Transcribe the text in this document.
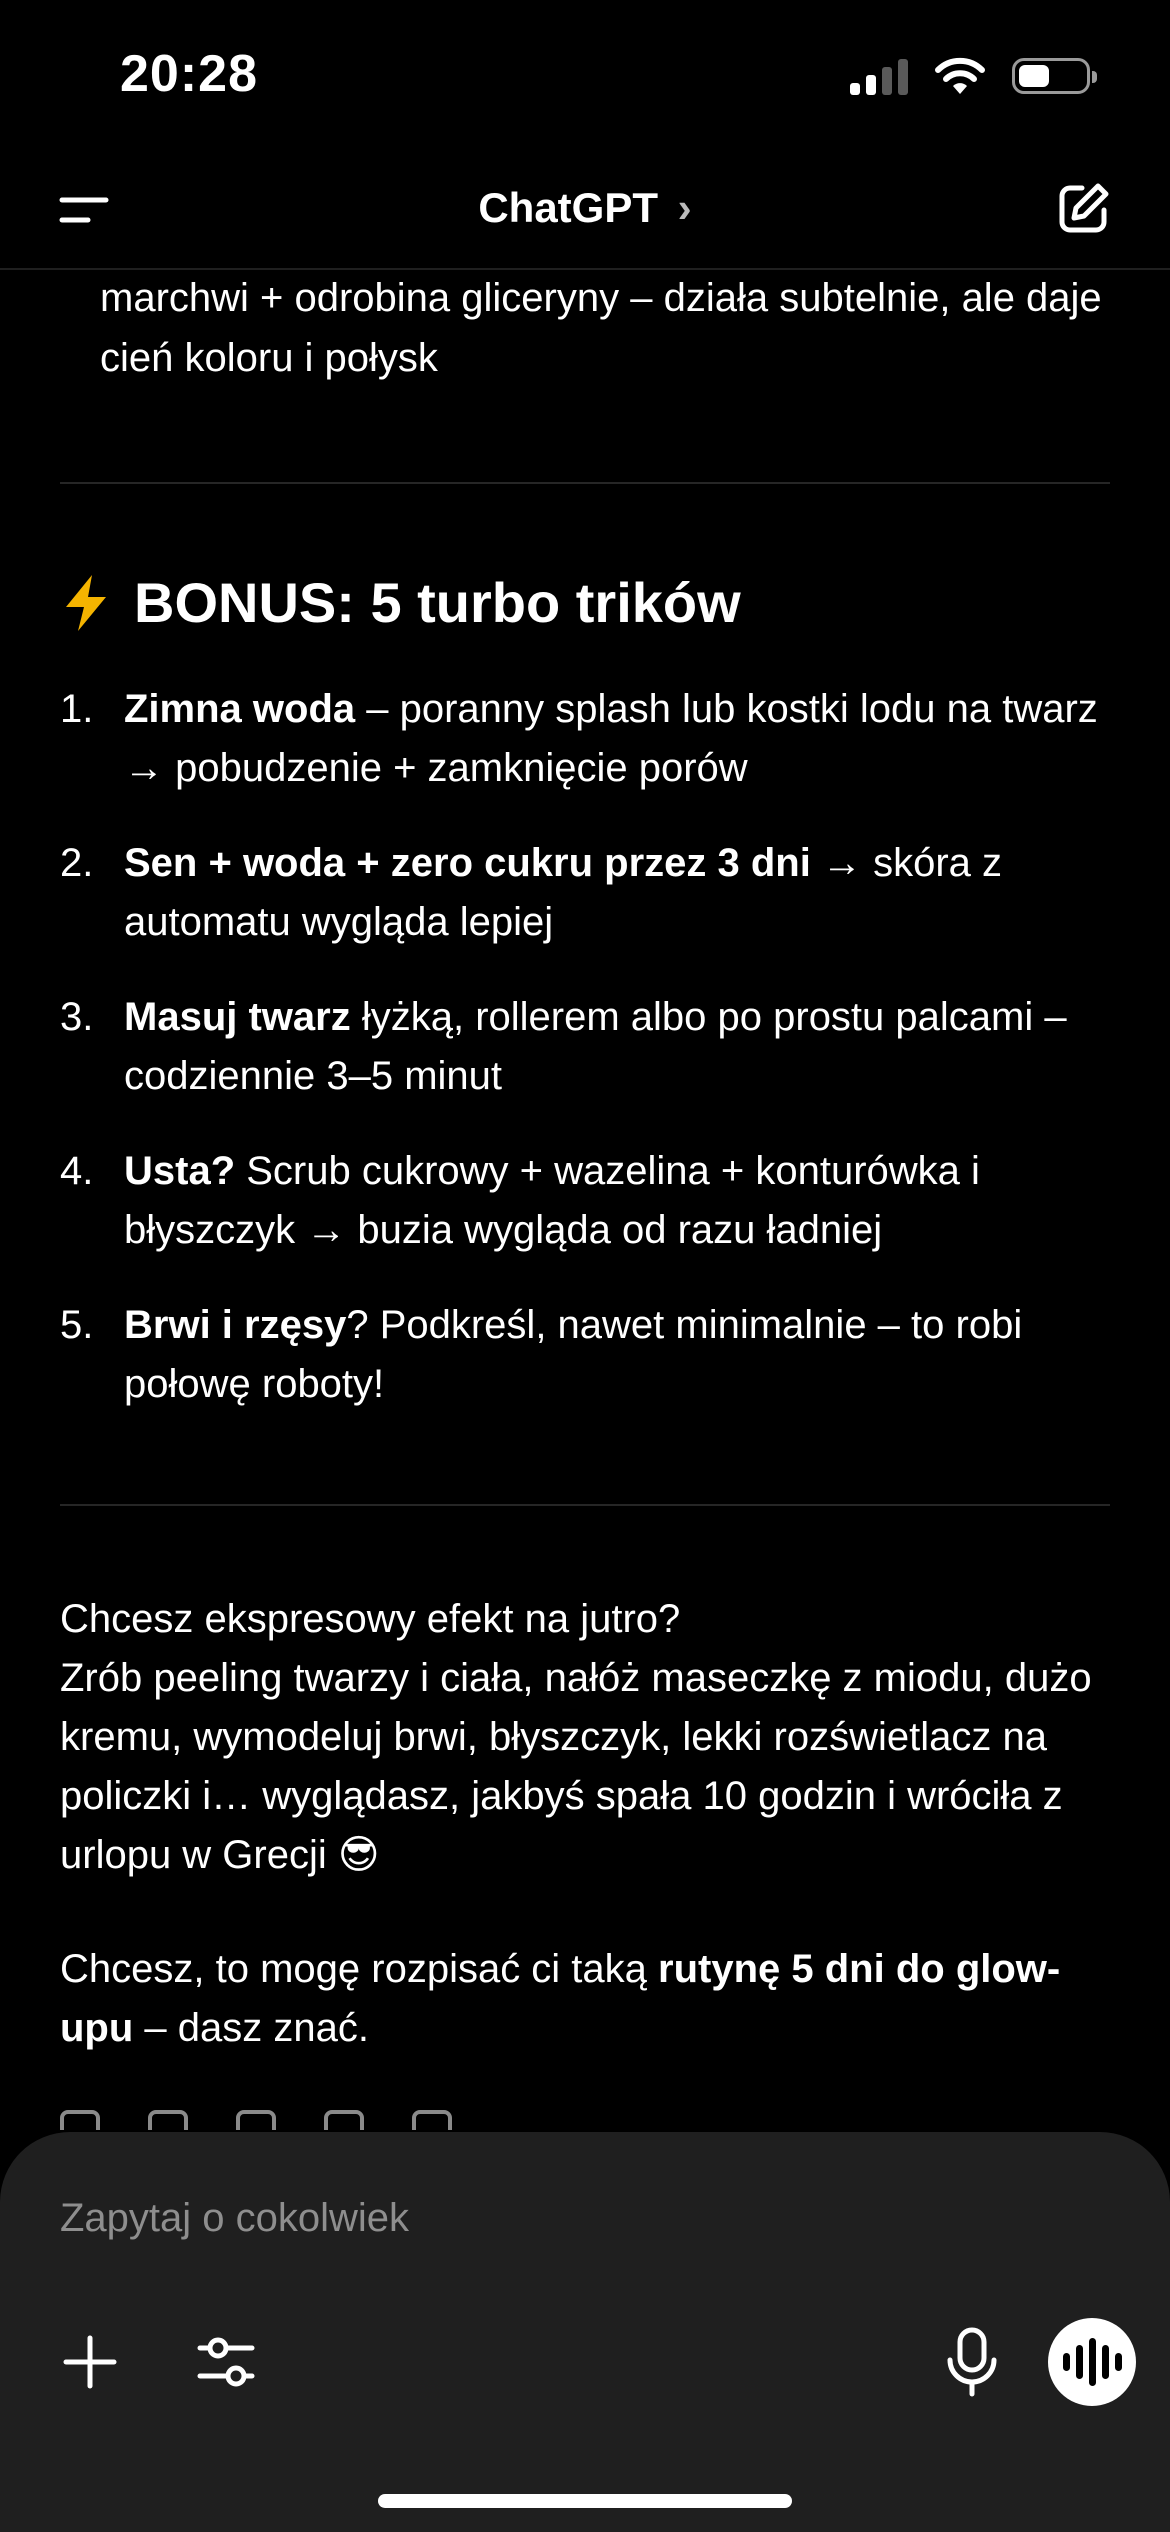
20:28
ChatGPT ›
marchwi + odrobina gliceryny – działa subtelnie, ale daje cień koloru i połysk
BONUS: 5 turbo trików
1. Zimna woda – poranny splash lub kostki lodu na twarz → pobudzenie + zamknięcie porów
2. Sen + woda + zero cukru przez 3 dni → skóra z automatu wygląda lepiej
3. Masuj twarz łyżką, rollerem albo po prostu palcami – codziennie 3–5 minut
4. Usta? Scrub cukrowy + wazelina + konturówka i błyszczyk → buzia wygląda od razu ładniej
5. Brwi i rzęsy? Podkreśl, nawet minimalnie – to robi połowę roboty!
Chcesz ekspresowy efekt na jutro?
Zrób peeling twarzy i ciała, nałóż maseczkę z miodu, dużo kremu, wymodeluj brwi, błyszczyk, lekki rozświetlacz na policzki i… wyglądasz, jakbyś spała 10 godzin i wróciła z urlopu w Grecji 😎
Chcesz, to mogę rozpisać ci taką rutynę 5 dni do glow-upu – dasz znać.
Zapytaj o cokolwiek
